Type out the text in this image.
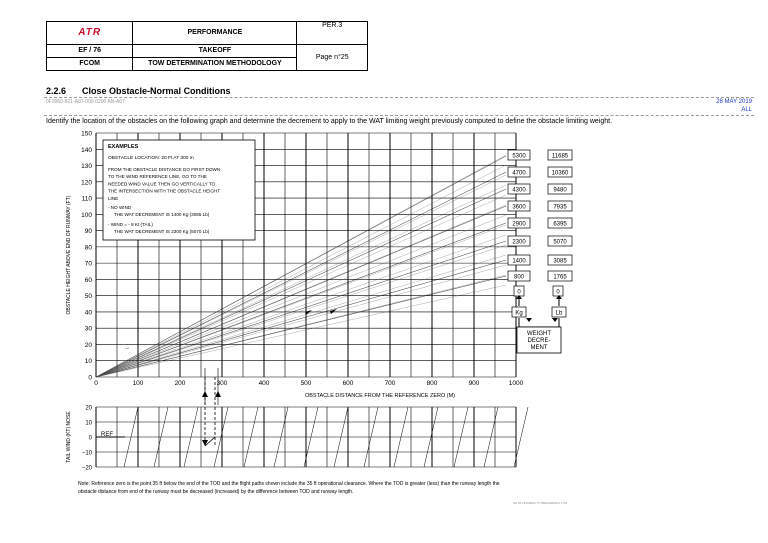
ATR	PERFORMANCE	PER.3
EF / 76	TAKEOFF	Page n°25
FCOM	TOW DETERMINATION METHODOLOGY	
2.2.6 Close Obstacle-Normal Conditions
0F3960-821-A07-000-0200 AN-A07	28 MAY 2019
ALL
Identify the location of the obstacles on the following graph and determine the decrement to apply to the WAT limiting weight previously computed to define the obstacle limiting weight.
150
140
130
120
110
100
90
80
70
60
50
40
30
20
10
0
0	100	200	300	400	500	600	700	800	900	1000
OBSTACLE HEIGHT ABOVE END OF RUNWAY (FT)
OBSTACLE DISTANCE FROM THE REFERENCE ZERO (M)
5300
4700
4300
3600
2900
2300
1400
800
0
11685
10360
9480
7935
6395
5070
3085
1765
0
Kg	Lb
WEIGHT
DECRE-
MENT
EXAMPLES
OBSTACLE LOCATION: 20 Ft AT 300 m
FROM THE OBSTACLE DISTANCE GO FIRST DOWN
TO THE WIND REFERENCE LINE, GO TO THE
NEEDED WIND VALUE THEN GO VERTICALLY TO
THE INTERSECTION WITH THE OBSTACLE HEIGHT
LINE
- NO WIND
THE WAT DECREMENT IS 1400 Kg (3085 Lb)
- WIND = - 8 Kt (TAIL)
THE WAT DECREMENT IS 2300 Kg (5070 Lb)
→
20
10
0
−10
−20
TAIL WIND (KT) NOSE	REF
Note: Reference zero is the point 35 ft below the end of the TOD and the flight paths shown include the 35 ft operational clearance. Where the TOD is greater (less) than the runway length the obstacle distance from end of the runway must be decreased (increased) by the difference between TOD and runway length.
NA 25 F1000000 77 PERAN2200 2 1 5G
